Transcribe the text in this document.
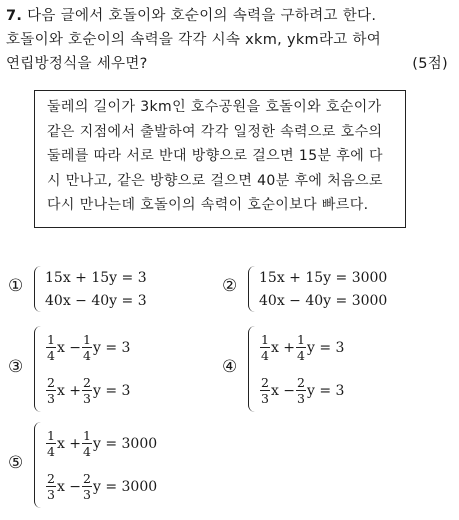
7. 다음 글에서 호돌이와 호순이의 속력을 구하려고 한다.
호돌이와 호순이의 속력을 각각 시속 xkm, ykm라고 하여
연립방정식을 세우면?	(5점)
둘레의 길이가 3km인 호수공원을 호돌이와 호순이가
같은 지점에서 출발하여 각각 일정한 속력으로 호수의
둘레를 따라 서로 반대 방향으로 걸으면 15분 후에 다
시 만나고, 같은 방향으로 걸으면 40분 후에 처음으로
다시 만나는데 호돌이의 속력이 호순이보다 빠르다.
① 15x + 15y = 3
40x − 40y = 3
② 15x + 15y = 3000
40x − 40y = 3000
③
$\frac{1}{4}$ $x - \frac{1}{4}$ y = 3
$\frac{2}{3}$ $x + \frac{2}{3}$ y = 3
④
$\frac{1}{4}$ $x + \frac{1}{4}$ y = 3
$\frac{2}{3}$ $x - \frac{2}{3}$ y = 3
⑤
$\frac{1}{4}$ $x + \frac{1}{4}$ y = 3000
$\frac{2}{3}$ $x - \frac{2}{3}$ y = 3000
